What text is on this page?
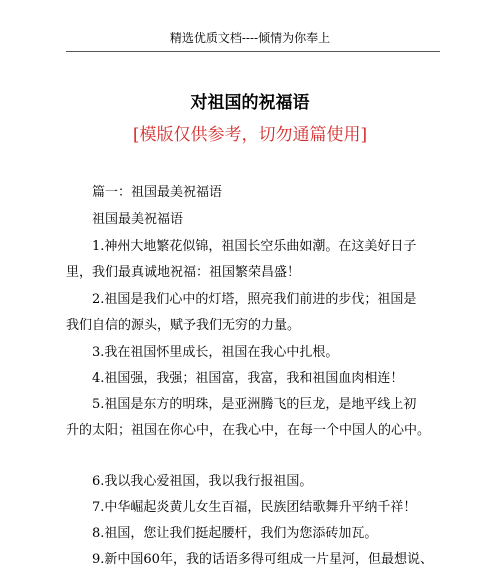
精选优质文档----倾情为你奉上
对祖国的祝福语
[模版仅供参考，切勿通篇使用]
篇一：祖国最美祝福语
祖国最美祝福语
1.神州大地繁花似锦，祖国长空乐曲如潮。在这美好日子
里，我们最真诚地祝福：祖国繁荣昌盛！
2.祖国是我们心中的灯塔，照亮我们前进的步伐；祖国是
我们自信的源头，赋予我们无穷的力量。
3.我在祖国怀里成长，祖国在我心中扎根。
4.祖国强，我强；祖国富，我富，我和祖国血肉相连！
5.祖国是东方的明珠，是亚洲腾飞的巨龙，是地平线上初
升的太阳；祖国在你心中，在我心中，在每一个中国人的心中。
6.我以我心爱祖国，我以我行报祖国。
7.中华崛起炎黄儿女生百福，民族团结歌舞升平纳千祥！
8.祖国，您让我们挺起腰杆，我们为您添砖加瓦。
9.新中国60年，我的话语多得可组成一片星河，但最想说、
